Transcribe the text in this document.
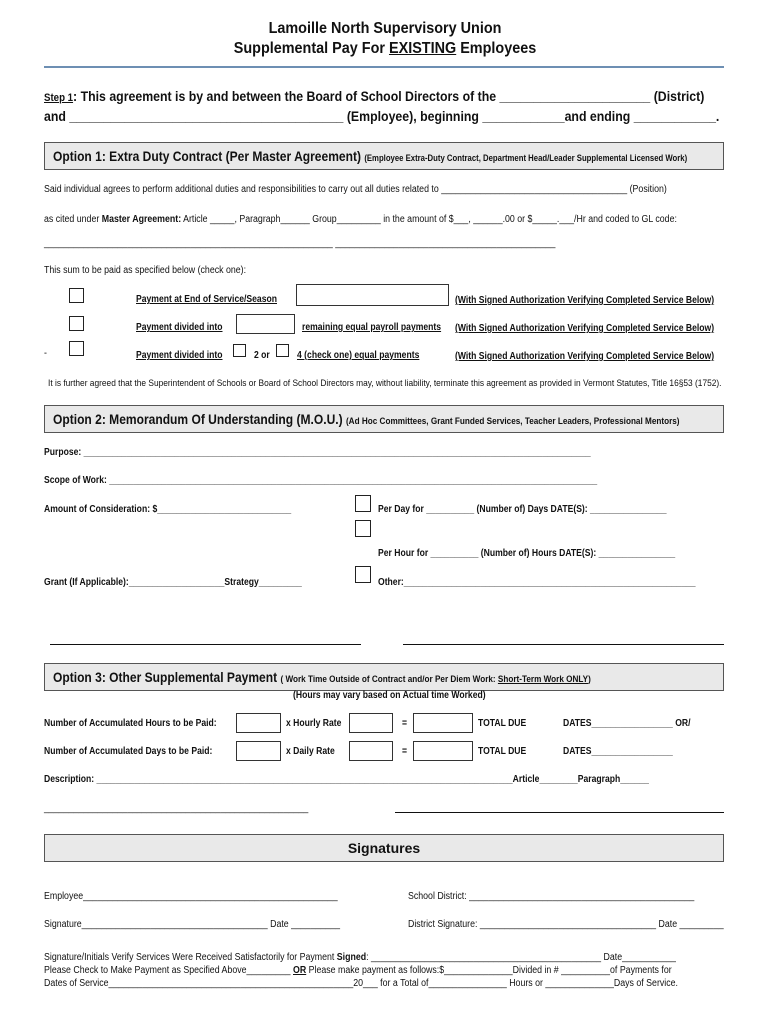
Lamoille North Supervisory Union
Supplemental Pay For EXISTING Employees
Step 1: This agreement is by and between the Board of School Directors of the ______________________ (District)
and ________________________________________ (Employee), beginning ____________and ending ____________.
Option 1: Extra Duty Contract (Per Master Agreement) (Employee Extra-Duty Contract, Department Head/Leader Supplemental Licensed Work)
Said individual agrees to perform additional duties and responsibilities to carry out all duties related to ______________________________________ (Position)
as cited under Master Agreement: Article _____, Paragraph______ Group_________ in the amount of $___, ______.00 or $_____.___/Hr and coded to GL code:
___________________________________________________________ _____________________________________________
This sum to be paid as specified below (check one):
Payment at End of Service/Season	(With Signed Authorization Verifying Completed Service Below)
Payment divided into	remaining equal payroll payments (With Signed Authorization Verifying Completed Service Below)
-	Payment divided into	2 or	4 (check one) equal payments	(With Signed Authorization Verifying Completed Service Below)
It is further agreed that the Superintendent of Schools or Board of School Directors may, without liability, terminate this agreement as provided in Vermont Statutes, Title 16§53 (1752).
Option 2: Memorandum Of Understanding (M.O.U.) (Ad Hoc Committees, Grant Funded Services, Teacher Leaders, Professional Mentors)
Purpose: __________________________________________________________________________________________________________
Scope of Work: ______________________________________________________________________________________________________
Amount of Consideration: $____________________________	Per Day for __________ (Number of) Days DATE(S): ________________
Per Hour for __________ (Number of) Hours DATE(S): ________________
Grant (If Applicable):____________________Strategy_________	Other:_____________________________________________________________
Option 3: Other Supplemental Payment ( Work Time Outside of Contract and/or Per Diem Work: Short-Term Work ONLY)
(Hours may vary based on Actual time Worked)
Number of Accumulated Hours to be Paid:	x Hourly Rate	=	TOTAL DUE	DATES_________________ OR/
Number of Accumulated Days to be Paid:	x Daily Rate	=	TOTAL DUE	DATES_________________
Description: _______________________________________________________________________________________Article________Paragraph______
______________________________________________________
Signatures
Employee____________________________________________________	School District: ______________________________________________
Signature______________________________________ Date __________	District Signature: ____________________________________ Date _________
Signature/Initials Verify Services Were Received Satisfactorily for Payment Signed: _______________________________________________ Date___________
Please Check to Make Payment as Specified Above_________ OR Please make payment as follows:$______________Divided in # __________of Payments for
Dates of Service__________________________________________________20___ for a Total of________________ Hours or ______________Days of Service.
